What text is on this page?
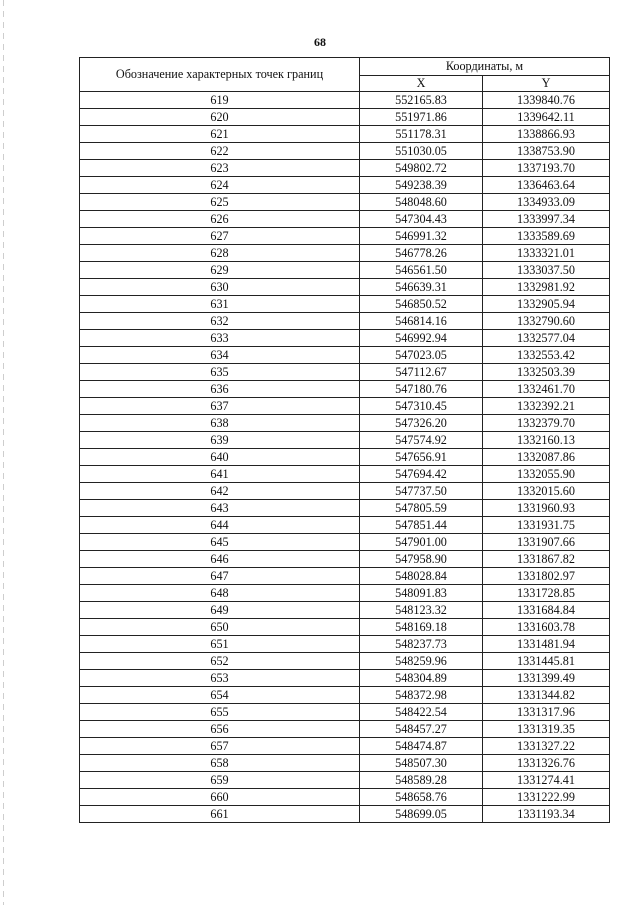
68
Обозначение характерных точек границ	Координаты, м	
	X	Y
619	552165.83	1339840.76
620	551971.86	1339642.11
621	551178.31	1338866.93
622	551030.05	1338753.90
623	549802.72	1337193.70
624	549238.39	1336463.64
625	548048.60	1334933.09
626	547304.43	1333997.34
627	546991.32	1333589.69
628	546778.26	1333321.01
629	546561.50	1333037.50
630	546639.31	1332981.92
631	546850.52	1332905.94
632	546814.16	1332790.60
633	546992.94	1332577.04
634	547023.05	1332553.42
635	547112.67	1332503.39
636	547180.76	1332461.70
637	547310.45	1332392.21
638	547326.20	1332379.70
639	547574.92	1332160.13
640	547656.91	1332087.86
641	547694.42	1332055.90
642	547737.50	1332015.60
643	547805.59	1331960.93
644	547851.44	1331931.75
645	547901.00	1331907.66
646	547958.90	1331867.82
647	548028.84	1331802.97
648	548091.83	1331728.85
649	548123.32	1331684.84
650	548169.18	1331603.78
651	548237.73	1331481.94
652	548259.96	1331445.81
653	548304.89	1331399.49
654	548372.98	1331344.82
655	548422.54	1331317.96
656	548457.27	1331319.35
657	548474.87	1331327.22
658	548507.30	1331326.76
659	548589.28	1331274.41
660	548658.76	1331222.99
661	548699.05	1331193.34
